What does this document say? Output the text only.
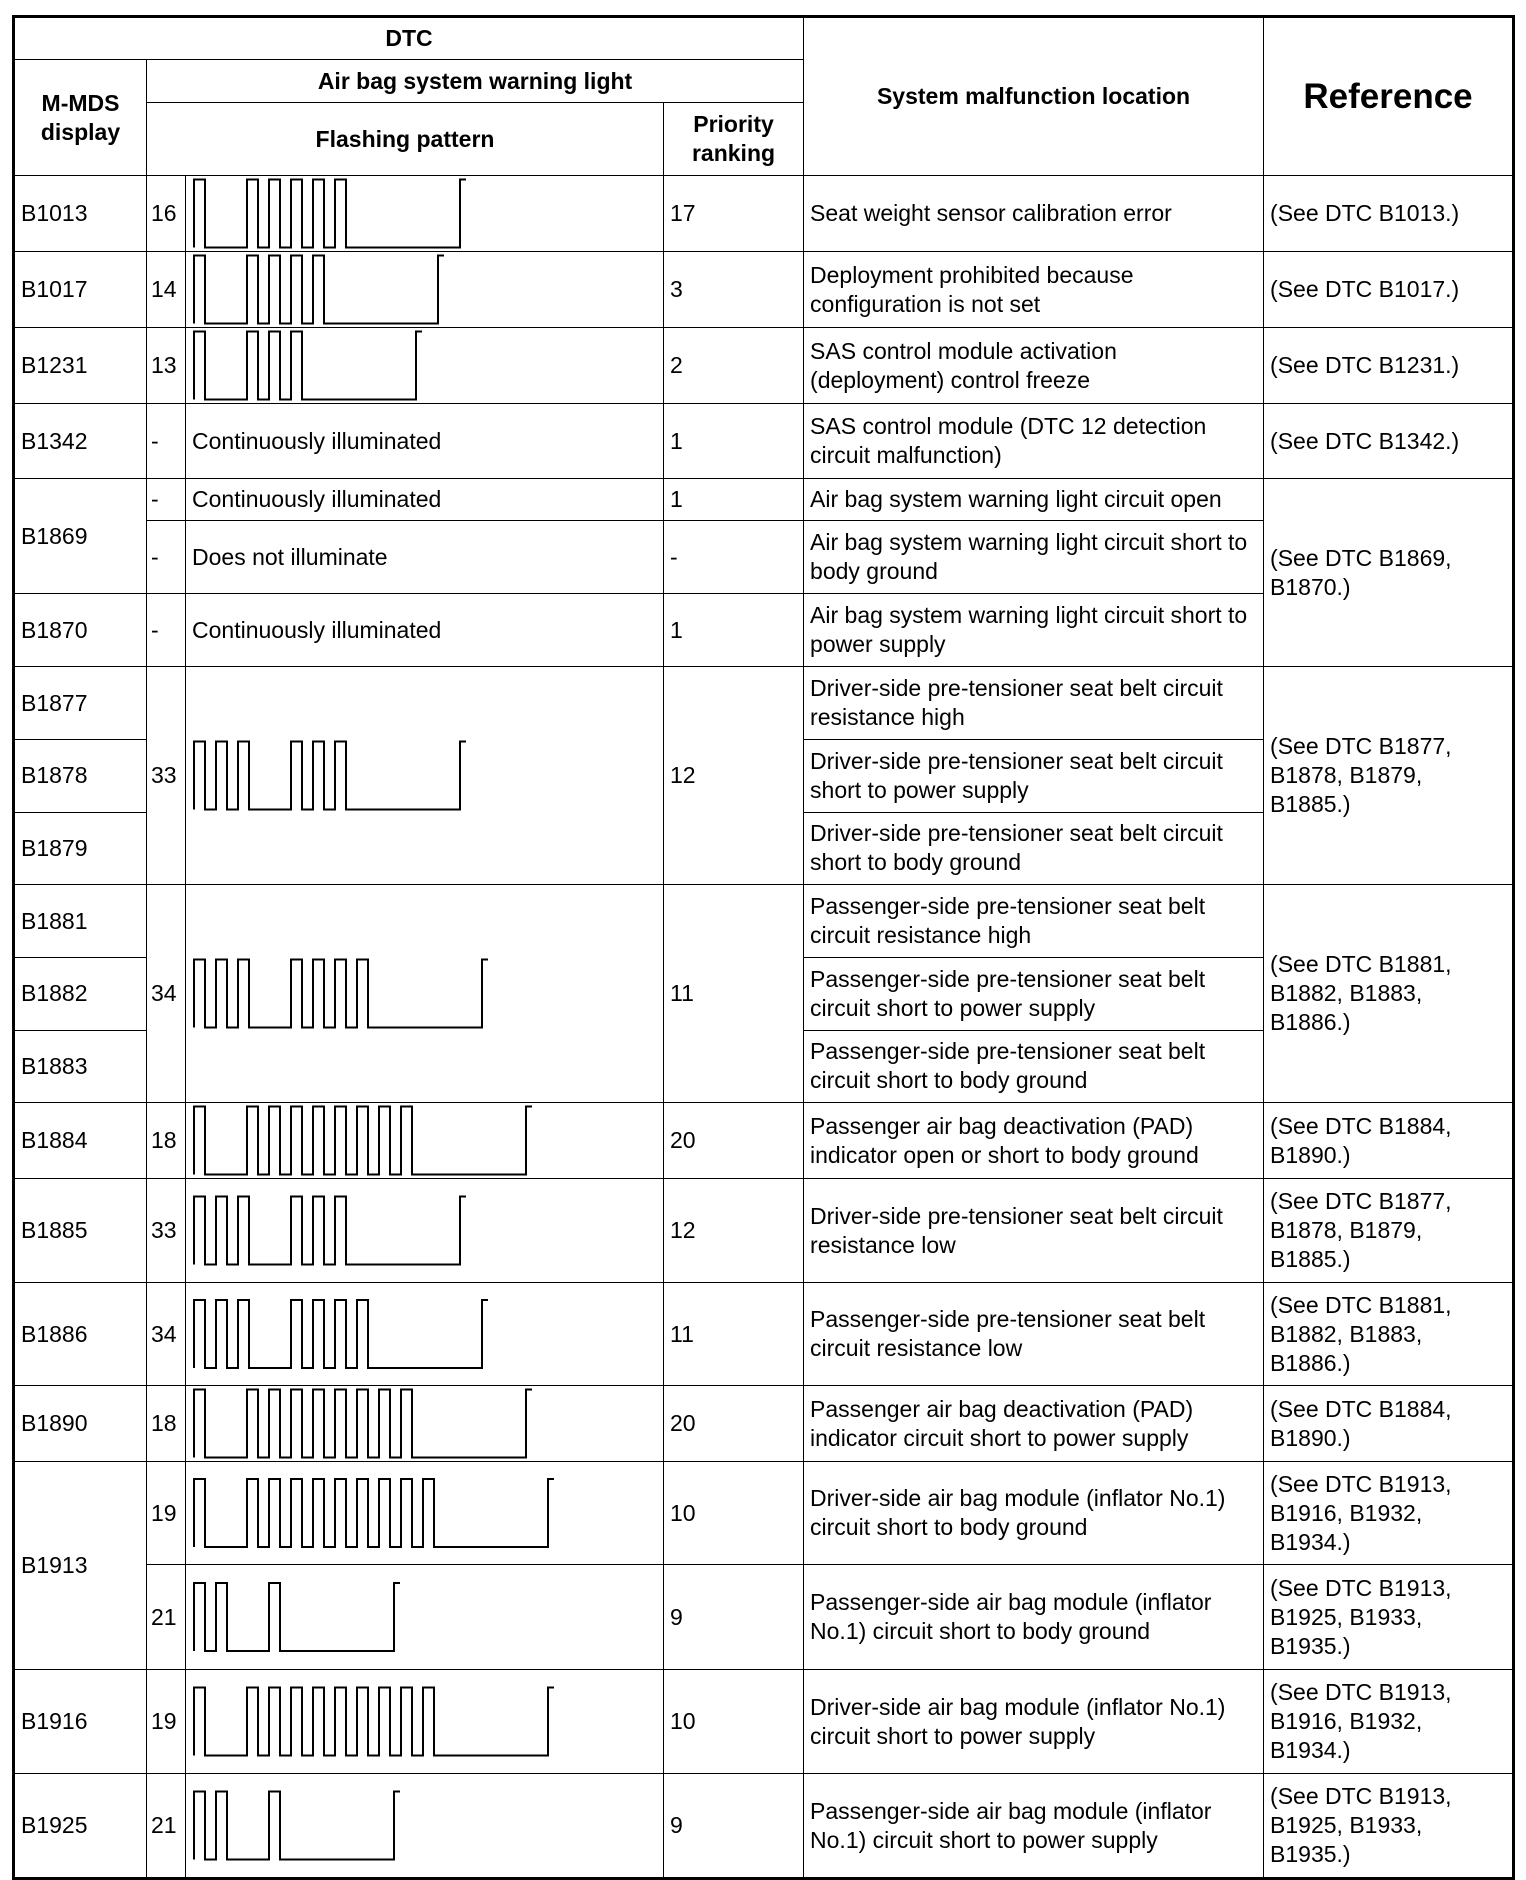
DTC				System malfunction location	Reference
M-MDS display	Air bag system warning light				
	Flashing pattern		Priority ranking		
B1013	16		17	Seat weight sensor calibration error	(See DTC B1013.)
B1017	14		3	Deployment prohibited because configuration is not set	(See DTC B1017.)
B1231	13		2	SAS control module activation (deployment) control freeze	(See DTC B1231.)
B1342	-	Continuously illuminated	1	SAS control module (DTC 12 detection circuit malfunction)	(See DTC B1342.)
B1869	-	Continuously illuminated	1	Air bag system warning light circuit open	(See DTC B1869, B1870.)
	-	Does not illuminate	-	Air bag system warning light circuit short to body ground	
B1870	-	Continuously illuminated	1	Air bag system warning light circuit short to power supply	
B1877	33		12	Driver-side pre-tensioner seat belt circuit resistance high	(See DTC B1877, B1878, B1879, B1885.)
B1878				Driver-side pre-tensioner seat belt circuit short to power supply	
B1879				Driver-side pre-tensioner seat belt circuit short to body ground	
B1881	34		11	Passenger-side pre-tensioner seat belt circuit resistance high	(See DTC B1881, B1882, B1883, B1886.)
B1882				Passenger-side pre-tensioner seat belt circuit short to power supply	
B1883				Passenger-side pre-tensioner seat belt circuit short to body ground	
B1884	18		20	Passenger air bag deactivation (PAD) indicator open or short to body ground	(See DTC B1884, B1890.)
B1885	33		12	Driver-side pre-tensioner seat belt circuit resistance low	(See DTC B1877, B1878, B1879, B1885.)
B1886	34		11	Passenger-side pre-tensioner seat belt circuit resistance low	(See DTC B1881, B1882, B1883, B1886.)
B1890	18		20	Passenger air bag deactivation (PAD) indicator circuit short to power supply	(See DTC B1884, B1890.)
B1913	19		10	Driver-side air bag module (inflator No.1) circuit short to body ground	(See DTC B1913, B1916, B1932, B1934.)
	21		9	Passenger-side air bag module (inflator No.1) circuit short to body ground	(See DTC B1913, B1925, B1933, B1935.)
B1916	19		10	Driver-side air bag module (inflator No.1) circuit short to power supply	(See DTC B1913, B1916, B1932, B1934.)
B1925	21		9	Passenger-side air bag module (inflator No.1) circuit short to power supply	(See DTC B1913, B1925, B1933, B1935.)
